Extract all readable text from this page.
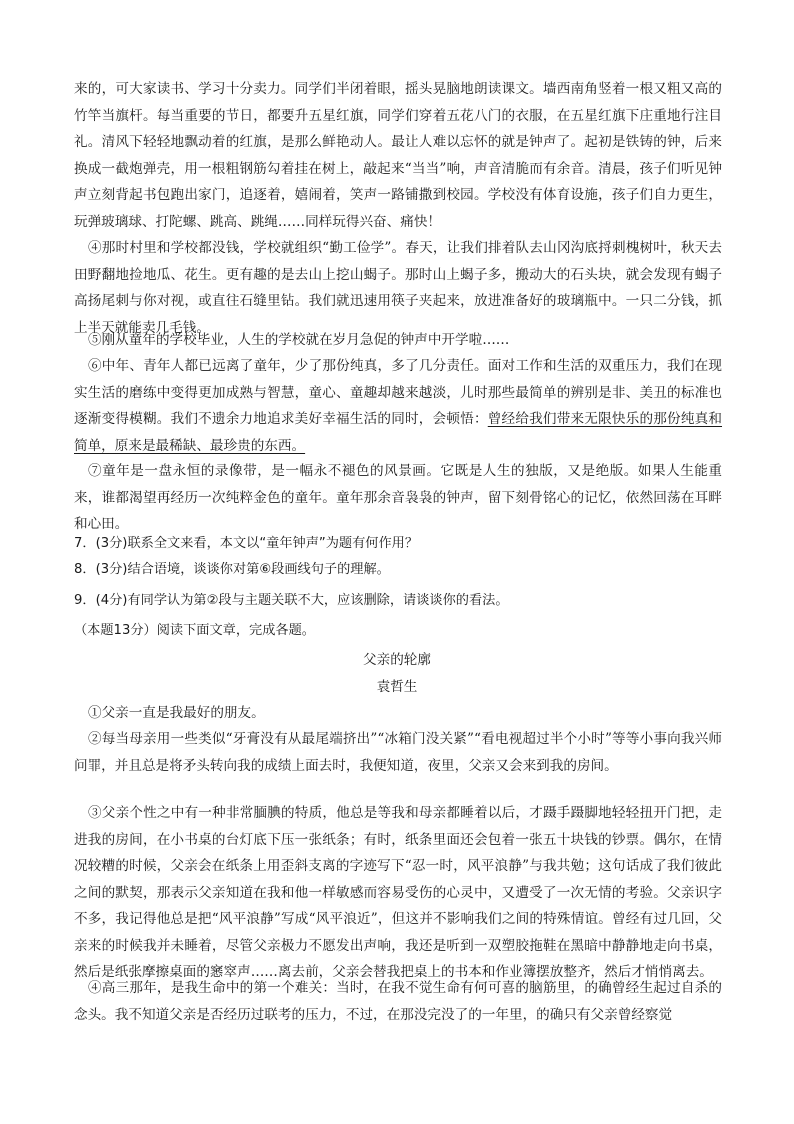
来的，可大家读书、学习十分卖力。同学们半闭着眼，摇头晃脑地朗读课文。墙西南角竖着一根又粗又高的竹竿当旗杆。每当重要的节日，都要升五星红旗，同学们穿着五花八门的衣服，在五星红旗下庄重地行注目礼。清风下轻轻地飘动着的红旗，是那么鲜艳动人。最让人难以忘怀的就是钟声了。起初是铁铸的钟，后来换成一截炮弹壳，用一根粗钢筋勾着挂在树上，敲起来“当当”响，声音清脆而有余音。清晨，孩子们听见钟声立刻背起书包跑出家门，追逐着，嬉闹着，笑声一路铺撒到校园。学校没有体育设施，孩子们自力更生，玩弹玻璃球、打陀螺、跳高、跳绳……同样玩得兴奋、痛快！

④那时村里和学校都没钱，学校就组织“勤工俭学”。春天，让我们排着队去山冈沟底捋刺槐树叶，秋天去田野翻地捡地瓜、花生。更有趣的是去山上挖山蝎子。那时山上蝎子多，搬动大的石头块，就会发现有蝎子高扬尾刺与你对视，或直往石缝里钻。我们就迅速用筷子夹起来，放进准备好的玻璃瓶中。一只二分钱，抓上半天就能卖几毛钱。

⑤刚从童年的学校毕业，人生的学校就在岁月急促的钟声中开学啦……

⑥中年、青年人都已远离了童年，少了那份纯真，多了几分责任。面对工作和生活的双重压力，我们在现实生活的磨练中变得更加成熟与智慧，童心、童趣却越来越淡，儿时那些最简单的辨别是非、美丑的标准也逐渐变得模糊。我们不遗余力地追求美好幸福生活的同时，会顿悟：曾经给我们带来无限快乐的那份纯真和简单，原来是最稀缺、最珍贵的东西。

⑦童年是一盘永恒的录像带，是一幅永不褪色的风景画。它既是人生的独版，又是绝版。如果人生能重来，谁都渴望再经历一次纯粹金色的童年。童年那余音袅袅的钟声，留下刻骨铭心的记忆，依然回荡在耳畔和心田。

7．(3分)联系全文来看，本文以“童年钟声”为题有何作用？

8．(3分)结合语境，谈谈你对第⑥段画线句子的理解。

9．(4分)有同学认为第②段与主题关联不大，应该删除，请谈谈你的看法。

（本题13分）阅读下面文章，完成各题。

父亲的轮廓

袁哲生

①父亲一直是我最好的朋友。

②每当母亲用一些类似“牙膏没有从最尾端挤出”“冰箱门没关紧”“看电视超过半个小时”等等小事向我兴师问罪，并且总是将矛头转向我的成绩上面去时，我便知道，夜里，父亲又会来到我的房间。

③父亲个性之中有一种非常腼腆的特质，他总是等我和母亲都睡着以后，才蹑手蹑脚地轻轻扭开门把，走进我的房间，在小书桌的台灯底下压一张纸条；有时，纸条里面还会包着一张五十块钱的钞票。偶尔，在情况较糟的时候，父亲会在纸条上用歪斜支离的字迹写下“忍一时，风平浪静”与我共勉；这句话成了我们彼此之间的默契，那表示父亲知道在我和他一样敏感而容易受伤的心灵中，又遭受了一次无情的考验。父亲识字不多，我记得他总是把“风平浪静”写成“风平浪近”，但这并不影响我们之间的特殊情谊。曾经有过几回，父亲来的时候我并未睡着，尽管父亲极力不愿发出声响，我还是听到一双塑胶拖鞋在黑暗中静静地走向书桌，然后是纸张摩擦桌面的窸窣声……离去前，父亲会替我把桌上的书本和作业簿摆放整齐，然后才悄悄离去。

④高三那年，是我生命中的第一个难关：当时，在我不觉生命有何可喜的脑筋里，的确曾经生起过自杀的念头。我不知道父亲是否经历过联考的压力，不过，在那没完没了的一年里，的确只有父亲曾经察觉
